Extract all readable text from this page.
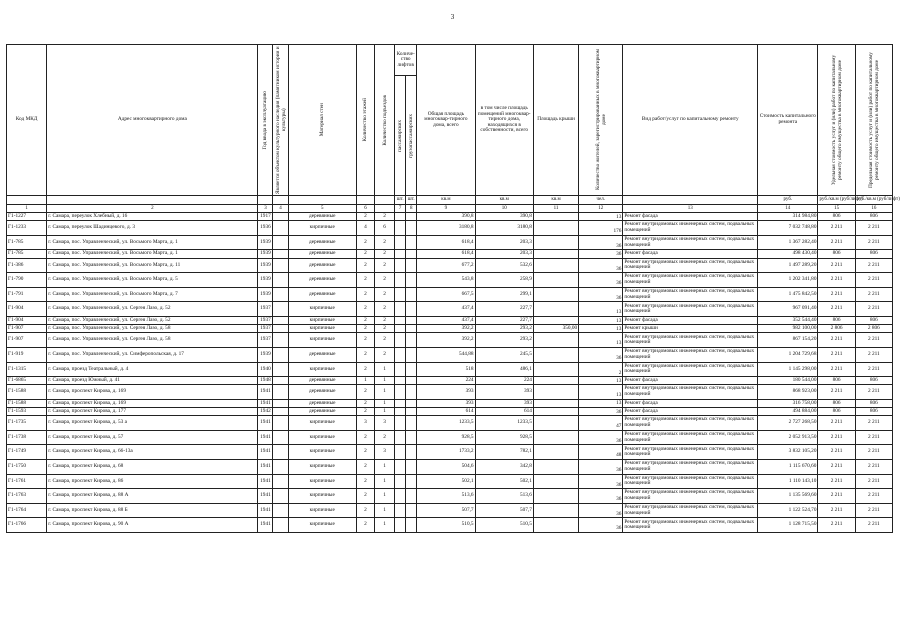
3
Код МКД	Адрес многоквартирного дома	Год ввода в эксплуатацию	Является объектом культурного наследия (памятником истории и культуры)	Материал стен	Количество этажей	Количество подъездов	Количе-ство лифтов		Общая площадь многоквар-тирного дома, всего	в том числе площадь помещений многоквар-тирного дома, находящихся в собственности, всего	Площадь крыши	Количество жителей, зарегистрированных в многоквартирном доме	Вид работ/услуг по капитальному ремонту	Стоимость капитального ремонта	Удельная стоимость услуг и (или) работ по капитальному ремонту общего имущества в многоквартирном доме	Предельная стоимость услуг и (или) работ по капитальному ремонту общего имущества в многоквартирном доме

							пассажирских	грузопассажирских								

							шт.	шт.	кв.м	кв.м	кв.м	чел.		руб.	руб./кв.м (руб/лифт)	руб./кв.м (руб/лифт)
1	2	3	4	5	6		7	8	9	10	11	12	13	14	15	16
Г1-1227	г. Самара, переулок Хлебный, д. 16	1917		деревянные	2	2			390,8	390,8		13	Ремонт фасада	314 984,80	806	806
Г1-1233	г. Самара, переулок Шадинцевого, д. 3	1936		кирпичные	4	6			3180,8	3180,8		176	Ремонт внутридомовых инженерных систем, подвальных помещений	7 032 748,80	2 211	2 211
Г1-785	г. Самара, пос. Управленческий, ул. Восьмого Марта, д. 1	1939		деревянные	2	2			618,4	203,3		36	Ремонт внутридомовых инженерных систем, подвальных помещений	1 367 282,40	2 211	2 211
Г1-785	г. Самара, пос. Управленческий, ул. Восьмого Марта, д. 1	1939		деревянные	2	2			618,4	203,3		36	Ремонт фасада	498 430,40	806	806
Г1-386	г. Самара, пос. Управленческий, ул. Восьмого Марта, д. 11	1939		деревянные	2	2			677,2	532,6		36	Ремонт внутридомовых инженерных систем, подвальных помещений	1 497 289,20	2 211	2 211
Г1-790	г. Самара, пос. Управленческий, ул. Восьмого Марта, д. 5	1939		деревянные	2	2			543,8	258,9		36	Ремонт внутридомовых инженерных систем, подвальных помещений	1 202 341,80	2 211	2 211
Г1-791	г. Самара, пос. Управленческий, ул. Восьмого Марта, д. 7	1939		деревянные	2	2			667,5	299,1		36	Ремонт внутридомовых инженерных систем, подвальных помещений	1 475 842,50	2 211	2 211
Г1-904	г. Самара, пос. Управленческий, ул. Сергея Лазо, д. 52	1937		кирпичные	2	2			437,4	227,7		13	Ремонт внутридомовых инженерных систем, подвальных помещений	967 091,40	2 211	2 211
Г1-904	г. Самара, пос. Управленческий, ул. Сергея Лазо, д. 52	1937		кирпичные	2	2			437,4	227,7		13	Ремонт фасада	352 544,40	806	806
Г1-907	г. Самара, пос. Управленческий, ул. Сергея Лазо, д. 58	1937		кирпичные	2	2			392,2	293,2	350,00	13	Ремонт крыши	982 100,00	2 806	2 806
Г1-907	г. Самара, пос. Управленческий, ул. Сергея Лазо, д. 58	1937		кирпичные	2	2			392,2	293,2		13	Ремонт внутридомовых инженерных систем, подвальных помещений	867 154,20	2 211	2 211
Г1-919	г. Самара, пос. Управленческий, ул. Симферопольская, д. 17	1939		деревянные	2	2			544,88	245,5		36	Ремонт внутридомовых инженерных систем, подвальных помещений	1 204 729,68	2 211	2 211
Г1-1315	г. Самара, проезд Театральный, д. 4	1940		кирпичные	2	1			518	486,1		2	Ремонт внутридомовых инженерных систем, подвальных помещений	1 145 298,00	2 211	2 211
Г1-6865	г. Самара, проезд Южный, д. 41	1948		деревянные	1	1			224	224		13	Ремонт фасада	180 544,00	806	806
Г1-1588	г. Самара, проспект Кирова, д. 169	1941		деревянные	2	1			393	393		13	Ремонт внутридомовых инженерных систем, подвальных помещений	868 923,00	2 211	2 211
Г1-1588	г. Самара, проспект Кирова, д. 169	1941		деревянные	2	1			393	393		13	Ремонт фасада	316 758,00	806	806
Г1-1593	г. Самара, проспект Кирова, д. 177	1942		деревянные	2	1			614	614		36	Ремонт фасада	494 884,00	806	806
Г1-1735	г. Самара, проспект Кирова, д. 53 а	1941		кирпичные	3	3			1233,5	1233,5		47	Ремонт внутридомовых инженерных систем, подвальных помещений	2 727 268,50	2 211	2 211
Г1-1738	г. Самара, проспект Кирова, д. 57	1941		кирпичные	2	2			928,5	928,5		36	Ремонт внутридомовых инженерных систем, подвальных помещений	2 052 913,50	2 211	2 211
Г1-1749	г. Самара, проспект Кирова, д. 66-13а	1941		кирпичные	2	3			1733,2	782,1		48	Ремонт внутридомовых инженерных систем, подвальных помещений	3 832 105,20	2 211	2 211
Г1-1750	г. Самара, проспект Кирова, д. 68	1941		кирпичные	2	1			504,6	342,8		36	Ремонт внутридомовых инженерных систем, подвальных помещений	1 115 670,60	2 211	2 211
Г1-1761	г. Самара, проспект Кирова, д. 86	1941		кирпичные	2	1			502,1	502,1		36	Ремонт внутридомовых инженерных систем, подвальных помещений	1 110 143,10	2 211	2 211
Г1-1763	г. Самара, проспект Кирова, д. 88 А	1941		кирпичные	2	1			513,6	513,6		36	Ремонт внутридомовых инженерных систем, подвальных помещений	1 135 569,60	2 211	2 211
Г1-1764	г. Самара, проспект Кирова, д. 88 Б	1941		кирпичные	2	1			507,7	507,7		36	Ремонт внутридомовых инженерных систем, подвальных помещений	1 122 524,70	2 211	2 211
Г1-1766	г. Самара, проспект Кирова, д. 90 А	1941		кирпичные	2	1			510,5	510,5		36	Ремонт внутридомовых инженерных систем, подвальных помещений	1 128 715,50	2 211	2 211
